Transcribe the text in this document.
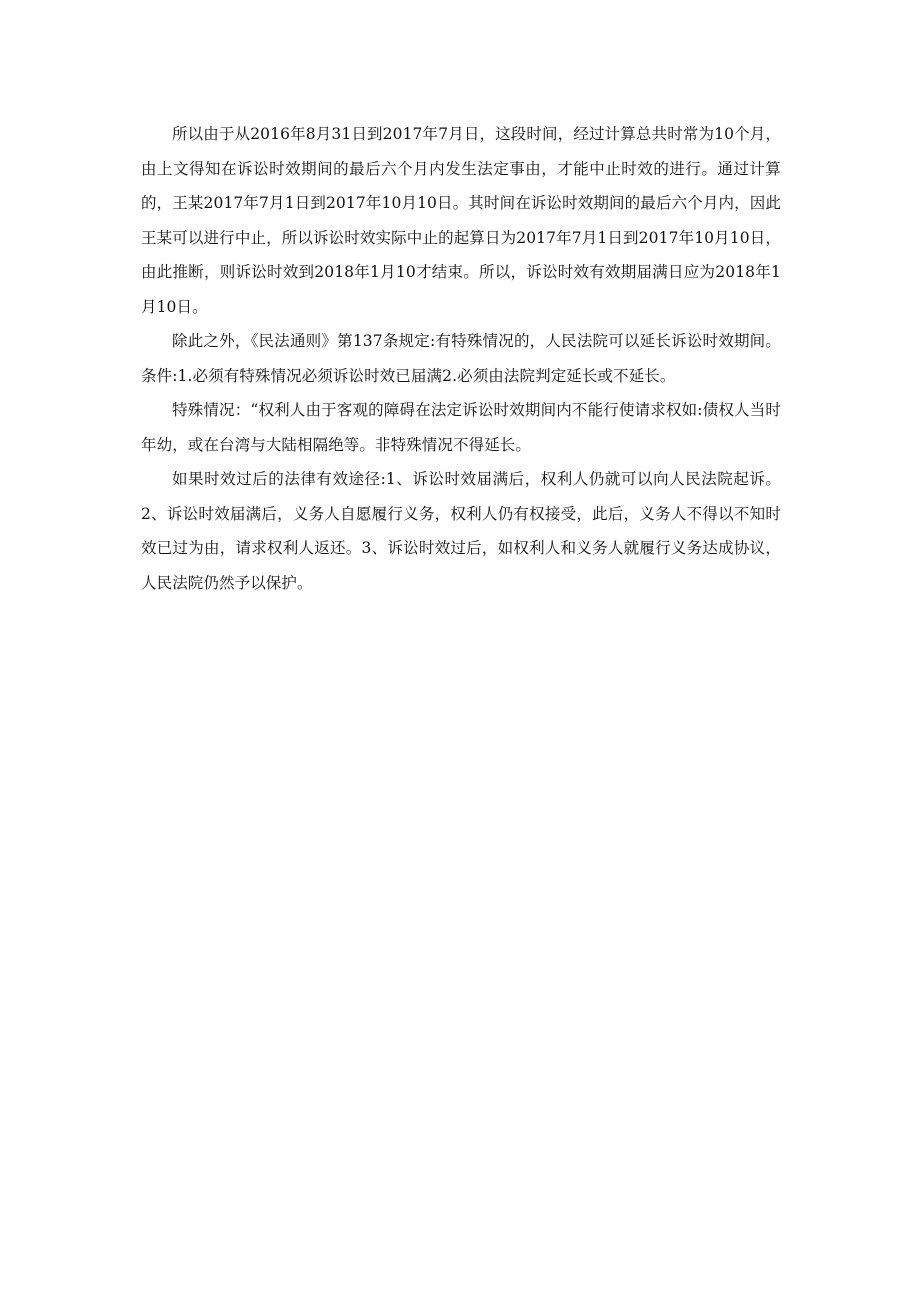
所以由于从2016年8月31日到2017年7月日，这段时间，经过计算总共时常为10个月，由上文得知在诉讼时效期间的最后六个月内发生法定事由，才能中止时效的进行。通过计算的，王某2017年7月1日到2017年10月10日。其时间在诉讼时效期间的最后六个月内，因此王某可以进行中止，所以诉讼时效实际中止的起算日为2017年7月1日到2017年10月10日，由此推断，则诉讼时效到2018年1月10才结束。所以，诉讼时效有效期届满日应为2018年1月10日。

除此之外，《民法通则》第137条规定:有特殊情况的，人民法院可以延长诉讼时效期间。条件:1.必须有特殊情况必须诉讼时效已届满2.必须由法院判定延长或不延长。

特殊情况：“权利人由于客观的障碍在法定诉讼时效期间内不能行使请求权如:债权人当时年幼，或在台湾与大陆相隔绝等。非特殊情况不得延长。

如果时效过后的法律有效途径:1、诉讼时效届满后，权利人仍就可以向人民法院起诉。2、诉讼时效届满后，义务人自愿履行义务，权利人仍有权接受，此后，义务人不得以不知时效已过为由，请求权利人返还。3、诉讼时效过后，如权利人和义务人就履行义务达成协议，人民法院仍然予以保护。
